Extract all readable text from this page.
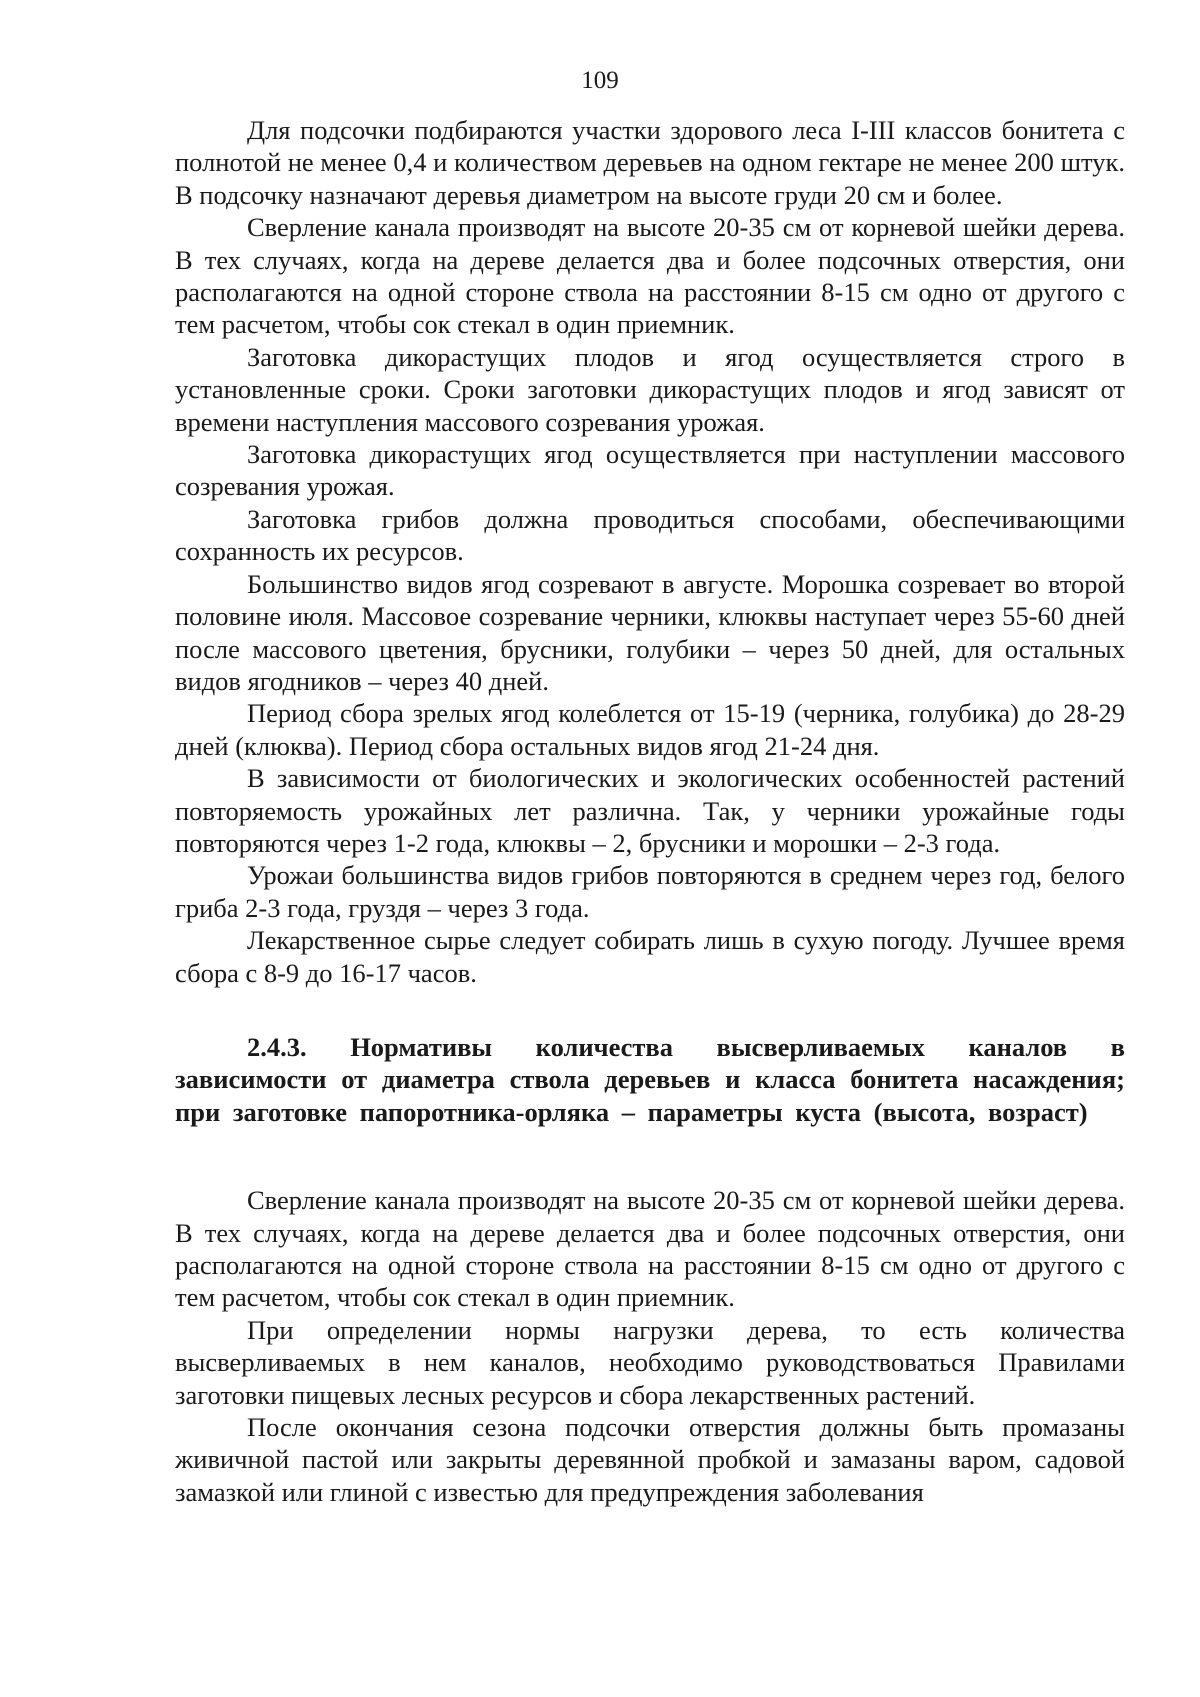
109

Для подсочки подбираются участки здорового леса I-III классов бонитета с полнотой не менее 0,4 и количеством деревьев на одном гектаре не менее 200 штук. В подсочку назначают деревья диаметром на высоте груди 20 см и более.

Сверление канала производят на высоте 20-35 см от корневой шейки дерева. В тех случаях, когда на дереве делается два и более подсочных отверстия, они располагаются на одной стороне ствола на расстоянии 8-15 см одно от другого с тем расчетом, чтобы сок стекал в один приемник.

Заготовка дикорастущих плодов и ягод осуществляется строго в установленные сроки. Сроки заготовки дикорастущих плодов и ягод зависят от времени наступления массового созревания урожая.

Заготовка дикорастущих ягод осуществляется при наступлении массового созревания урожая.

Заготовка грибов должна проводиться способами, обеспечивающими сохранность их ресурсов.

Большинство видов ягод созревают в августе. Морошка созревает во второй половине июля. Массовое созревание черники, клюквы наступает через 55-60 дней после массового цветения, брусники, голубики – через 50 дней, для остальных видов ягодников – через 40 дней.

Период сбора зрелых ягод колеблется от 15-19 (черника, голубика) до 28-29 дней (клюква). Период сбора остальных видов ягод 21-24 дня.

В зависимости от биологических и экологических особенностей растений повторяемость урожайных лет различна. Так, у черники урожайные годы повторяются через 1-2 года, клюквы – 2, брусники и морошки – 2-3 года.

Урожаи большинства видов грибов повторяются в среднем через год, белого гриба 2-3 года, груздя – через 3 года.

Лекарственное сырье следует собирать лишь в сухую погоду. Лучшее время сбора с 8-9 до 16-17 часов.

2.4.3. Нормативы количества высверливаемых каналов в зависимости от диаметра ствола деревьев и класса бонитета насаждения; при заготовке папоротника-орляка – параметры куста (высота, возраст)

Сверление канала производят на высоте 20-35 см от корневой шейки дерева. В тех случаях, когда на дереве делается два и более подсочных отверстия, они располагаются на одной стороне ствола на расстоянии 8-15 см одно от другого с тем расчетом, чтобы сок стекал в один приемник.

При определении нормы нагрузки дерева, то есть количества высверливаемых в нем каналов, необходимо руководствоваться Правилами заготовки пищевых лесных ресурсов и сбора лекарственных растений.

После окончания сезона подсочки отверстия должны быть промазаны живичной пастой или закрыты деревянной пробкой и замазаны варом, садовой замазкой или глиной с известью для предупреждения заболевания
